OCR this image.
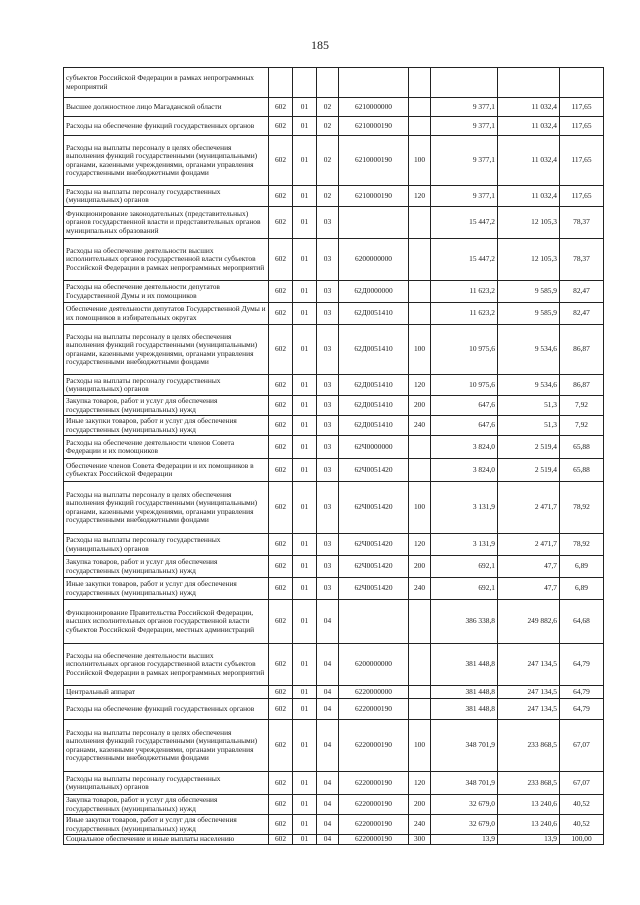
185
субъектов Российской Федерации в рамках непрограммных мероприятий								
Высшее должностное лицо Магаданской области	602	01	02	6210000000		9 377,1	11 032,4	117,65
Расходы на обеспечение функций государственных органов	602	01	02	6210000190		9 377,1	11 032,4	117,65
Расходы на выплаты персоналу в целях обеспечения выполнения функций государственными (муниципальными) органами, казенными учреждениями, органами управления государственными внебюджетными фондами	602	01	02	6210000190	100	9 377,1	11 032,4	117,65
Расходы на выплаты персоналу государственных (муниципальных) органов	602	01	02	6210000190	120	9 377,1	11 032,4	117,65
Функционирование законодательных (представительных) органов государственной власти и представительных органов муниципальных образований	602	01	03			15 447,2	12 105,3	78,37
Расходы на обеспечение деятельности высших исполнительных органов государственной власти субъектов Российской Федерации в рамках непрограммных мероприятий	602	01	03	6200000000		15 447,2	12 105,3	78,37
Расходы на обеспечение деятельности депутатов Государственной Думы и их помощников	602	01	03	62Д0000000		11 623,2	9 585,9	82,47
Обеспечение деятельности депутатов Государственной Думы и их помощников в избирательных округах	602	01	03	62Д0051410		11 623,2	9 585,9	82,47
Расходы на выплаты персоналу в целях обеспечения выполнения функций государственными (муниципальными) органами, казенными учреждениями, органами управления государственными внебюджетными фондами	602	01	03	62Д0051410	100	10 975,6	9 534,6	86,87
Расходы на выплаты персоналу государственных (муниципальных) органов	602	01	03	62Д0051410	120	10 975,6	9 534,6	86,87
Закупка товаров, работ и услуг для обеспечения государственных (муниципальных) нужд	602	01	03	62Д0051410	200	647,6	51,3	7,92
Иные закупки товаров, работ и услуг для обеспечения государственных (муниципальных) нужд	602	01	03	62Д0051410	240	647,6	51,3	7,92
Расходы на обеспечение деятельности членов Совета Федерации и их помощников	602	01	03	62Ч0000000		3 824,0	2 519,4	65,88
Обеспечение членов Совета Федерации и их помощников в субъектах Российской Федерации	602	01	03	62Ч0051420		3 824,0	2 519,4	65,88
Расходы на выплаты персоналу в целях обеспечения выполнения функций государственными (муниципальными) органами, казенными учреждениями, органами управления государственными внебюджетными фондами	602	01	03	62Ч0051420	100	3 131,9	2 471,7	78,92
Расходы на выплаты персоналу государственных (муниципальных) органов	602	01	03	62Ч0051420	120	3 131,9	2 471,7	78,92
Закупка товаров, работ и услуг для обеспечения государственных (муниципальных) нужд	602	01	03	62Ч0051420	200	692,1	47,7	6,89
Иные закупки товаров, работ и услуг для обеспечения государственных (муниципальных) нужд	602	01	03	62Ч0051420	240	692,1	47,7	6,89
Функционирование Правительства Российской Федерации, высших исполнительных органов государственной власти субъектов Российской Федерации, местных администраций	602	01	04			386 338,8	249 882,6	64,68
Расходы на обеспечение деятельности высших исполнительных органов государственной власти субъектов Российской Федерации в рамках непрограммных мероприятий	602	01	04	6200000000		381 448,8	247 134,5	64,79
Центральный аппарат	602	01	04	6220000000		381 448,8	247 134,5	64,79
Расходы на обеспечение функций государственных органов	602	01	04	6220000190		381 448,8	247 134,5	64,79
Расходы на выплаты персоналу в целях обеспечения выполнения функций государственными (муниципальными) органами, казенными учреждениями, органами управления государственными внебюджетными фондами	602	01	04	6220000190	100	348 701,9	233 868,5	67,07
Расходы на выплаты персоналу государственных (муниципальных) органов	602	01	04	6220000190	120	348 701,9	233 868,5	67,07
Закупка товаров, работ и услуг для обеспечения государственных (муниципальных) нужд	602	01	04	6220000190	200	32 679,0	13 240,6	40,52
Иные закупки товаров, работ и услуг для обеспечения государственных (муниципальных) нужд	602	01	04	6220000190	240	32 679,0	13 240,6	40,52
Социальное обеспечение и иные выплаты населению	602	01	04	6220000190	300	13,9	13,9	100,00
